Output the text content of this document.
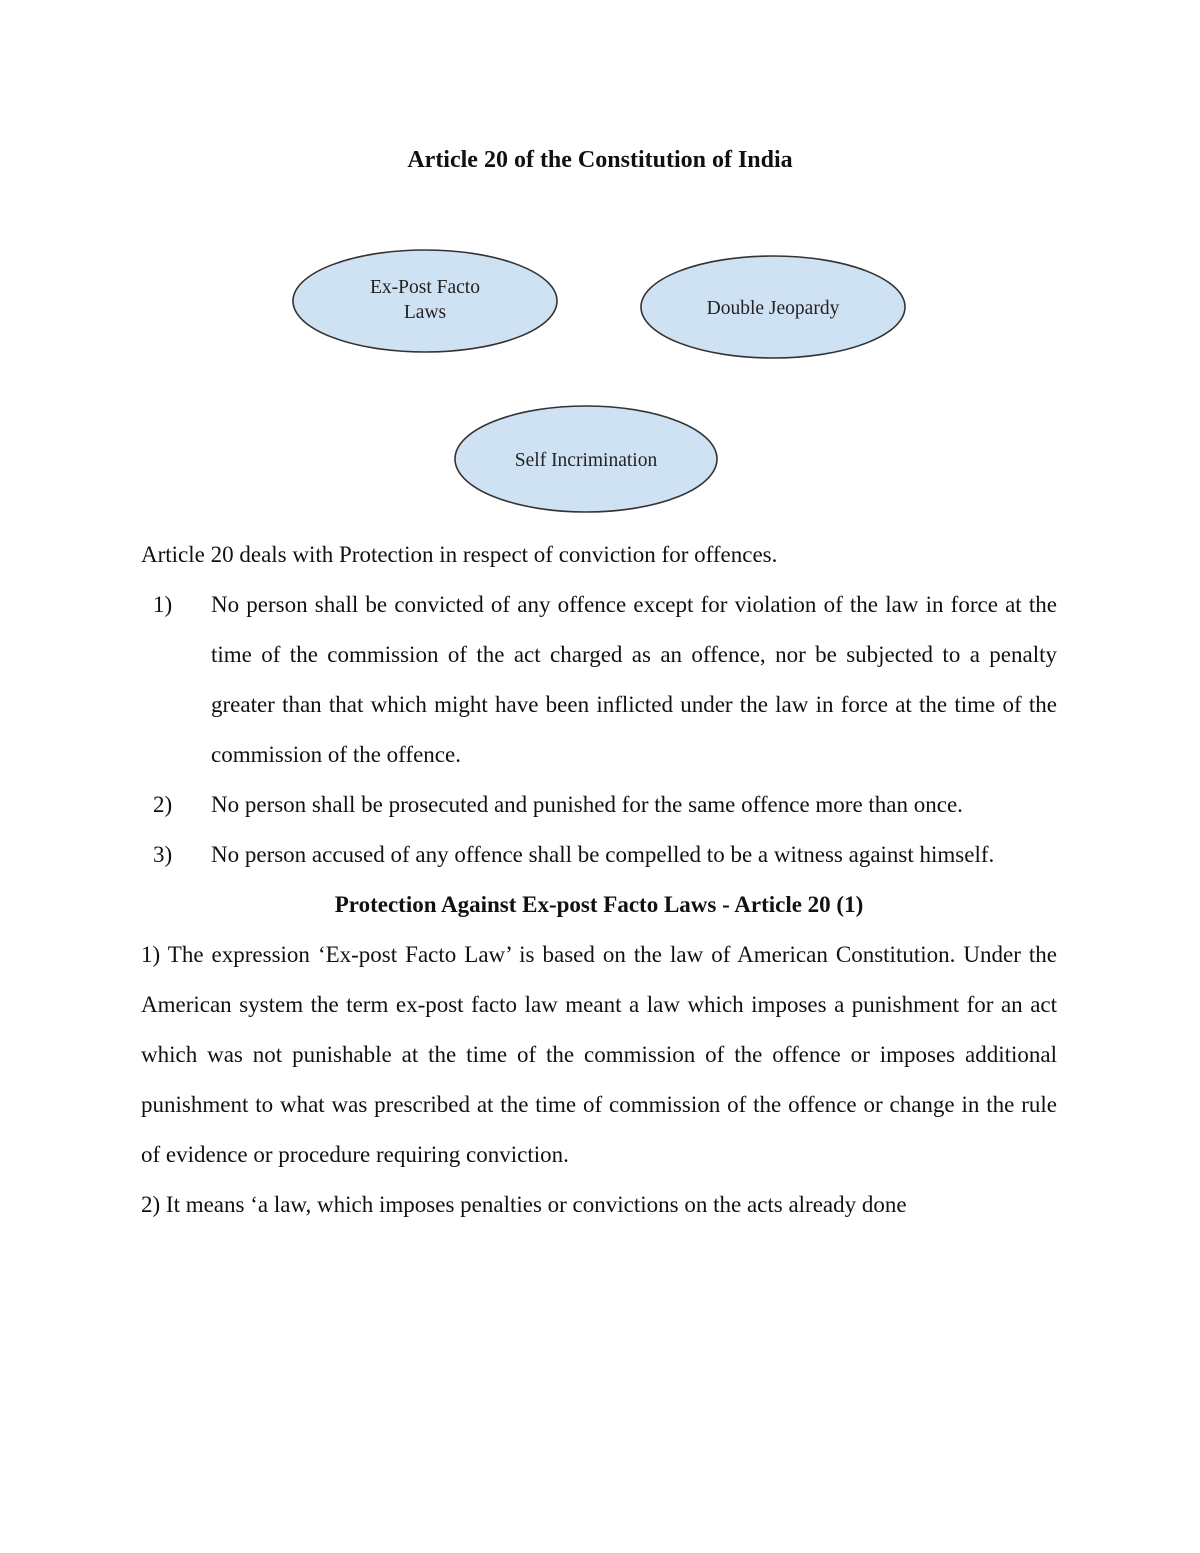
Article 20 of the Constitution of India
Ex-Post Facto
Laws	Double Jeopardy
Self Incrimination

Article 20 deals with Protection in respect of conviction for offences.

1)	No person shall be convicted of any offence except for violation of the law in force at the time of the commission of the act charged as an offence, nor be subjected to a penalty greater than that which might have been inflicted under the law in force at the time of the commission of the offence.
2)	No person shall be prosecuted and punished for the same offence more than once.
3)	No person accused of any offence shall be compelled to be a witness against himself.

Protection Against Ex-post Facto Laws - Article 20 (1)

1) The expression ‘Ex-post Facto Law’ is based on the law of American Constitution. Under the American system the term ex-post facto law meant a law which imposes a punishment for an act which was not punishable at the time of the commission of the offence or imposes additional punishment to what was prescribed at the time of commission of the offence or change in the rule of evidence or procedure requiring conviction.

2) It means ‘a law, which imposes penalties or convictions on the acts already done
